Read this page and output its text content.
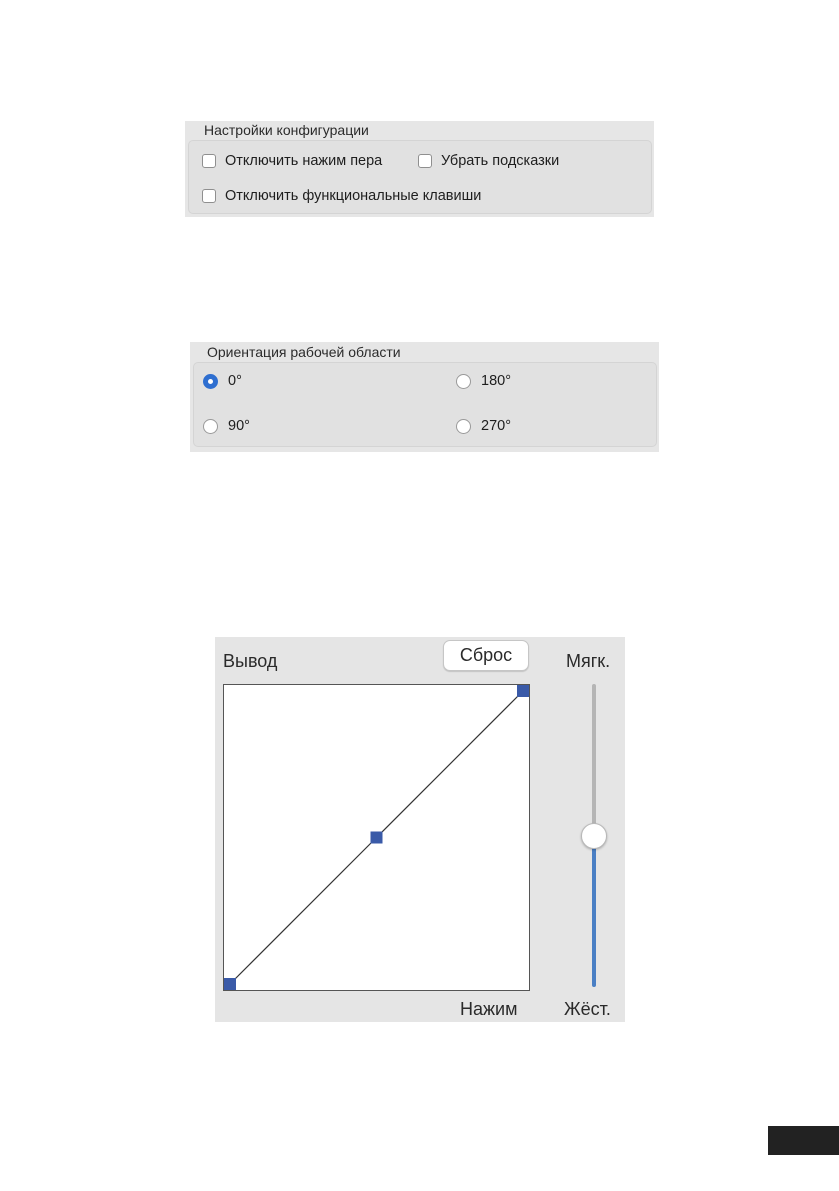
Настройки конфигурации
Отключить нажим пера	Убрать подсказки
Отключить функциональные клавиши
Ориентация рабочей области
0°	180°
90°	270°
Вывод	Сброс	Мягк.
Нажим	Жёст.
